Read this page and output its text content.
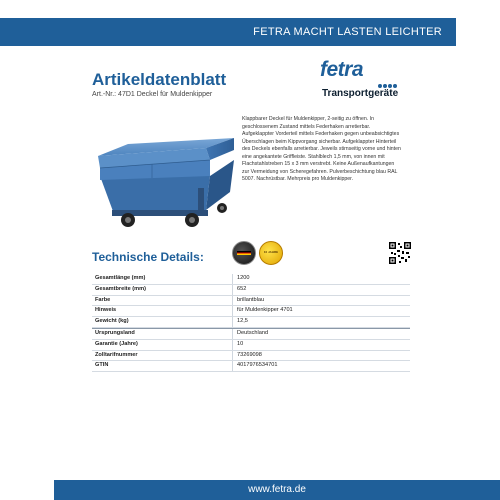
FETRA MACHT LASTEN LEICHTER
Artikeldatenblatt
Art.-Nr.: 47D1 Deckel für Muldenkipper
fetra
Transportgeräte
Klappbarer Deckel für Muldenkipper, 2-seitig zu öffnen. In geschlossenem Zustand mittels Federhaken arretierbar. Aufgeklappter Vorderteil mittels Federhaken gegen unbeabsichtigtes Überschlagen beim Kippvorgang sicherbar. Aufgeklappter Hinterteil des Deckels ebenfalls arretierbar. Jeweils stirnseitig vorne und hinten eine angekantete Griffleiste. Stahlblech 1,5 mm, von innen mit Flachstahlstreben 15 x 3 mm verstrebt. Keine Außenaufkantungen zur Vermeidung von Scheregefahren. Pulverbeschichtung blau RAL 5007. Nachrüstbar. Mehrpreis pro Muldenkipper.
Technische Details:	10 JAHRE
Gesamtlänge (mm)	1200
Gesamtbreite (mm)	652
Farbe	brillantblau
Hinweis	für Muldenkipper 4701
Gewicht (kg)	12,5
Ursprungsland	Deutschland
Garantie (Jahre)	10
Zolltarifnummer	73269098
GTIN	4017976534701
www.fetra.de
